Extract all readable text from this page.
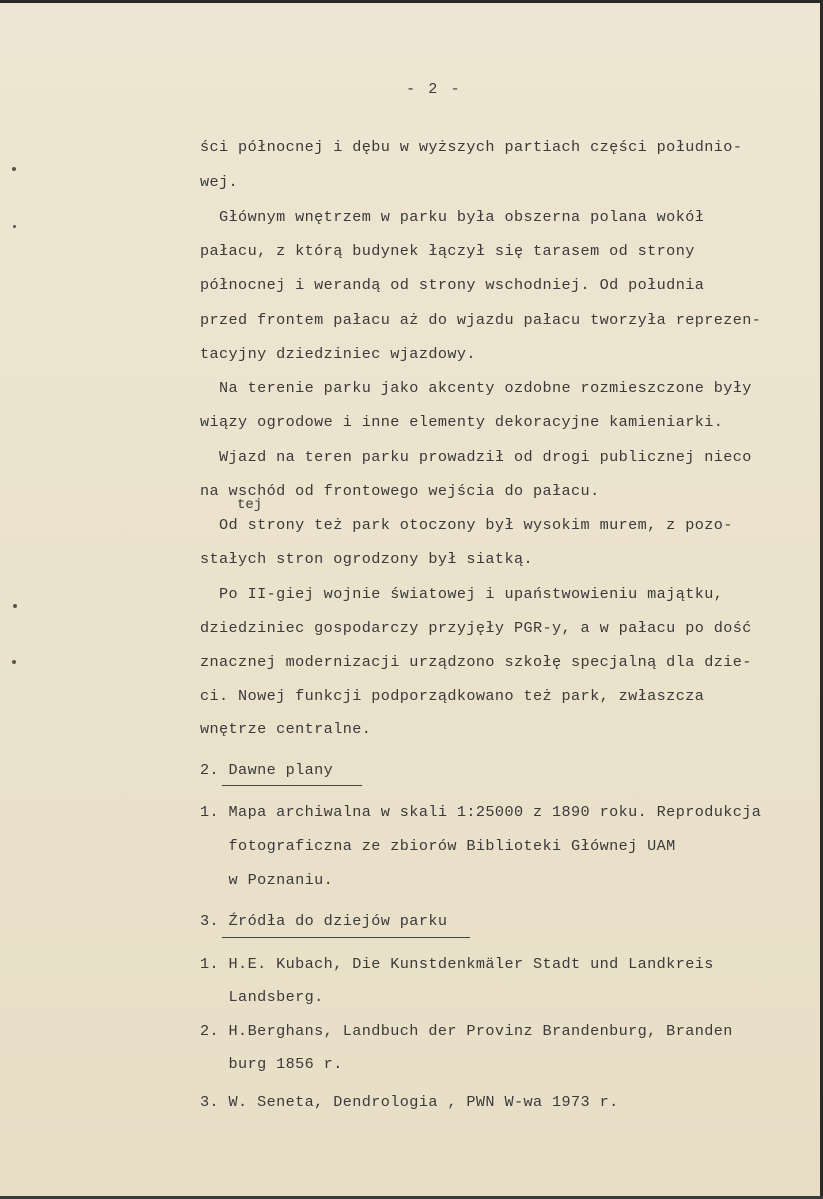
- 2 -
ści północnej i dębu w wyższych partiach części południo-
wej.
Głównym wnętrzem w parku była obszerna polana wokół
pałacu, z którą budynek łączył się tarasem od strony
północnej i werandą od strony wschodniej. Od południa
przed frontem pałacu aż do wjazdu pałacu tworzyła reprezen-
tacyjny dziedziniec wjazdowy.
Na terenie parku jako akcenty ozdobne rozmieszczone były
wiązy ogrodowe i inne elementy dekoracyjne kamieniarki.
Wjazd na teren parku prowadził od drogi publicznej nieco
na wschód od frontowego wejścia do pałacu.
tej
Od strony też park otoczony był wysokim murem, z pozo-
stałych stron ogrodzony był siatką.
Po II-giej wojnie światowej i upaństwowieniu majątku,
dziedziniec gospodarczy przyjęły PGR-y, a w pałacu po dość
znacznej modernizacji urządzono szkołę specjalną dla dzie-
ci. Nowej funkcji podporządkowano też park, zwłaszcza
wnętrze centralne.
2. Dawne plany
1. Mapa archiwalna w skali 1:25000 z 1890 roku. Reprodukcja
fotograficzna ze zbiorów Biblioteki Głównej UAM
w Poznaniu.
3. Źródła do dziejów parku
1. H.E. Kubach, Die Kunstdenkmäler Stadt und Landkreis
Landsberg.
2. H.Berghans, Landbuch der Provinz Brandenburg, Branden
burg 1856 r.
3. W. Seneta, Dendrologia , PWN W-wa 1973 r.
